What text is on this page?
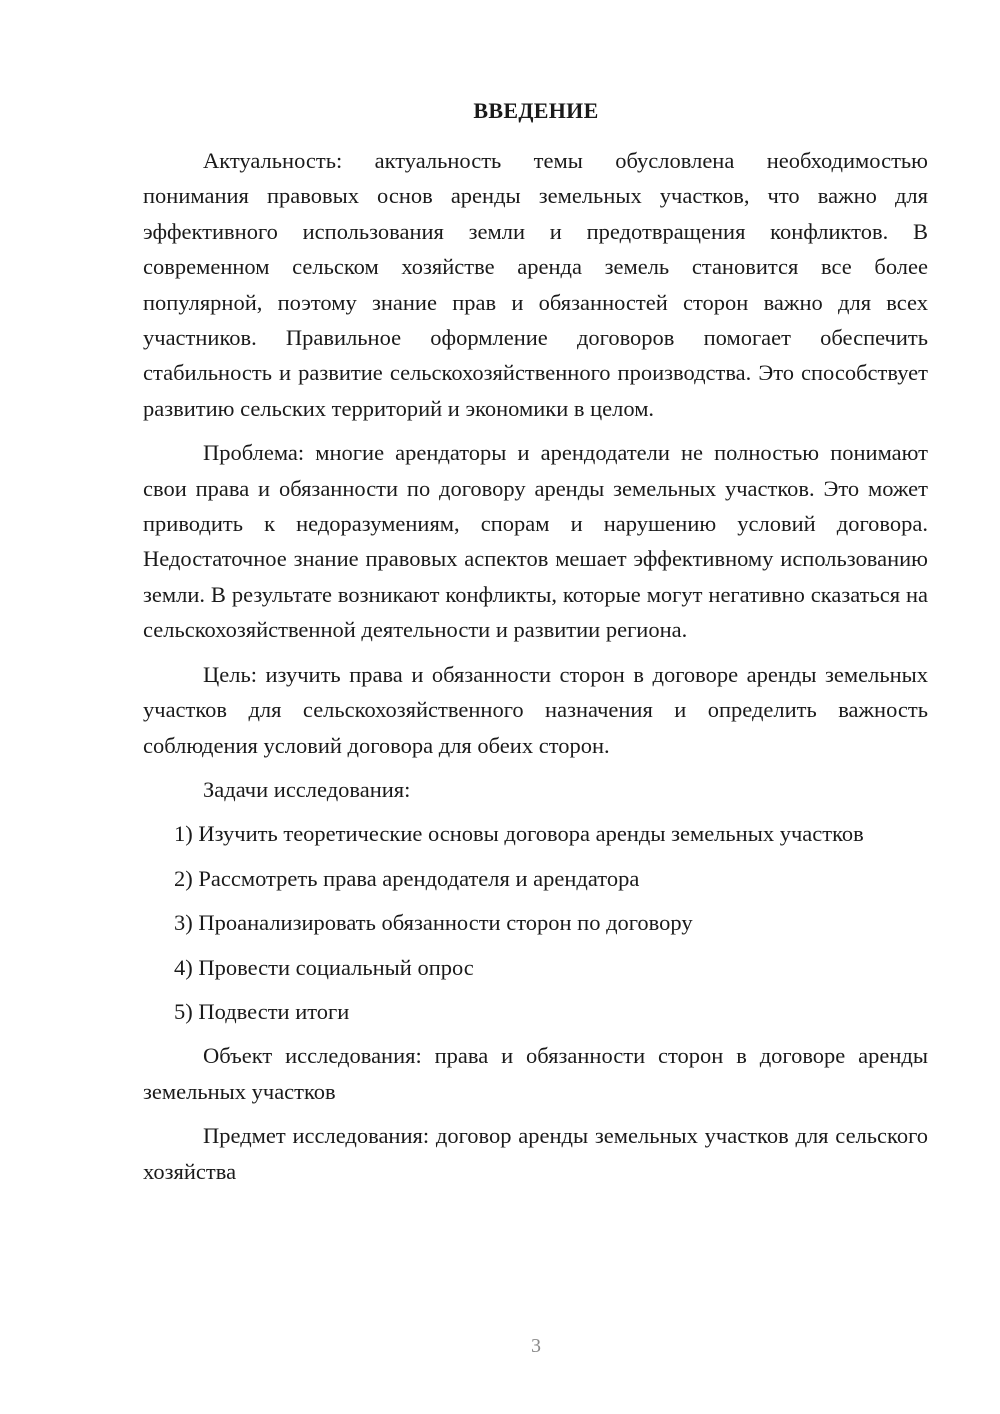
ВВЕДЕНИЕ

Актуальность: актуальность темы обусловлена необходимостью понимания правовых основ аренды земельных участков, что важно для эффективного использования земли и предотвращения конфликтов. В современном сельском хозяйстве аренда земель становится все более популярной, поэтому знание прав и обязанностей сторон важно для всех участников. Правильное оформление договоров помогает обеспечить стабильность и развитие сельскохозяйственного производства. Это способствует развитию сельских территорий и экономики в целом.

Проблема: многие арендаторы и арендодатели не полностью понимают свои права и обязанности по договору аренды земельных участков. Это может приводить к недоразумениям, спорам и нарушению условий договора. Недостаточное знание правовых аспектов мешает эффективному использованию земли. В результате возникают конфликты, которые могут негативно сказаться на сельскохозяйственной деятельности и развитии региона.

Цель: изучить права и обязанности сторон в договоре аренды земельных участков для сельскохозяйственного назначения и определить важность соблюдения условий договора для обеих сторон.

Задачи исследования:

1) Изучить теоретические основы договора аренды земельных участков

2) Рассмотреть права арендодателя и арендатора

3) Проанализировать обязанности сторон по договору

4) Провести социальный опрос

5) Подвести итоги

Объект исследования: права и обязанности сторон в договоре аренды земельных участков

Предмет исследования: договор аренды земельных участков для сельского хозяйства

3
